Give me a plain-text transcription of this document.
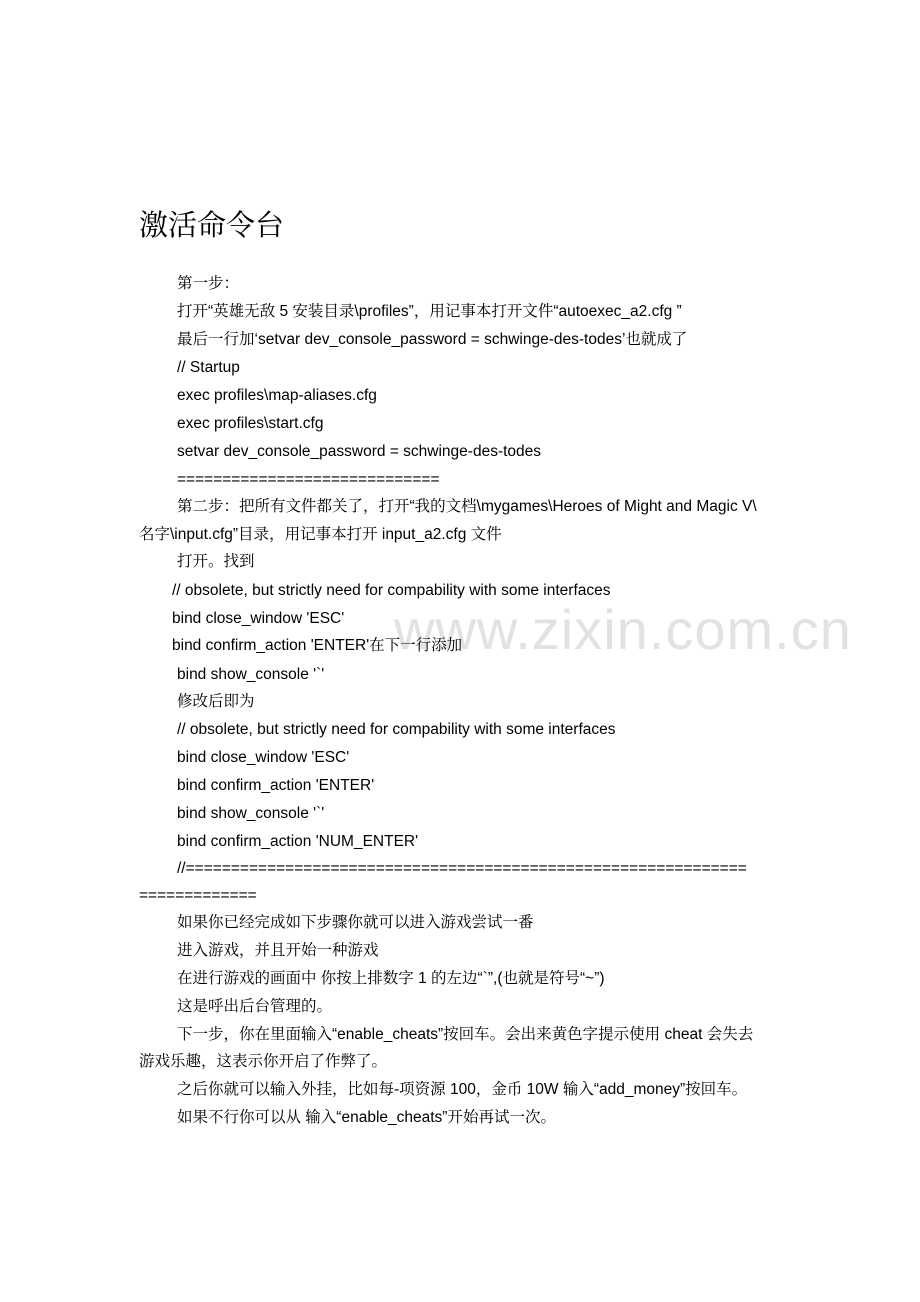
www.zixin.com.cn
激活命令台
第一步：
打开“英雄无敌 5 安装目录\profiles”，用记事本打开文件“autoexec_a2.cfg ”
最后一行加‘setvar dev_console_password = schwinge-des-todes’也就成了
// Startup
exec profiles\map-aliases.cfg
exec profiles\start.cfg
setvar dev_console_password = schwinge-des-todes
=============================
第二步：把所有文件都关了，打开“我的文档\mygames\Heroes of Might and Magic V\
名字\input.cfg”目录，用记事本打开 input_a2.cfg 文件
打开。找到
// obsolete, but strictly need for compability with some interfaces
bind close_window 'ESC'
bind confirm_action 'ENTER'在下一行添加
bind show_console '`'
修改后即为
// obsolete, but strictly need for compability with some interfaces
bind close_window 'ESC'
bind confirm_action 'ENTER'
bind show_console '`'
bind confirm_action 'NUM_ENTER'
//==============================================================
=============
如果你已经完成如下步骤你就可以进入游戏尝试一番
进入游戏，并且开始一种游戏
在进行游戏的画面中 你按上排数字 1 的左边“`”,(也就是符号“~”)
这是呼出后台管理的。
下一步，你在里面输入“enable_cheats”按回车。会出来黄色字提示使用 cheat 会失去
游戏乐趣，这表示你开启了作弊了。
之后你就可以输入外挂，比如每-项资源 100，金币 10W 输入“add_money”按回车。
如果不行你可以从 输入“enable_cheats”开始再试一次。
